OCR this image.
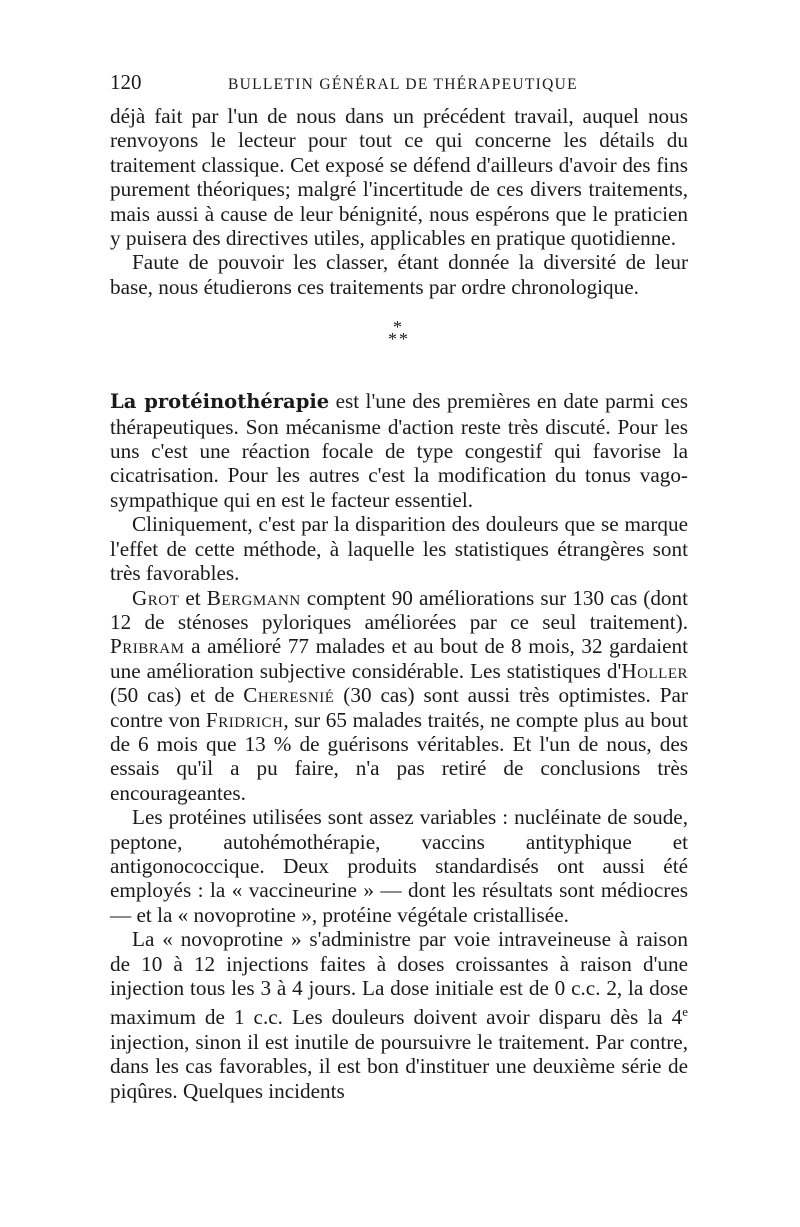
120	BULLETIN GÉNÉRAL DE THÉRAPEUTIQUE

déjà fait par l'un de nous dans un précédent travail, auquel nous renvoyons le lecteur pour tout ce qui concerne les détails du traitement classique. Cet exposé se défend d'ailleurs d'avoir des fins purement théoriques; malgré l'incertitude de ces divers traitements, mais aussi à cause de leur bénignité, nous espérons que le praticien y puisera des directives utiles, applicables en pratique quotidienne.

Faute de pouvoir les classer, étant donnée la diversité de leur base, nous étudierons ces traitements par ordre chronologique.

*
* *

La protéinothérapie est l'une des premières en date parmi ces thérapeutiques. Son mécanisme d'action reste très discuté. Pour les uns c'est une réaction focale de type congestif qui favorise la cicatrisation. Pour les autres c'est la modification du tonus vago-sympathique qui en est le facteur essentiel.

Cliniquement, c'est par la disparition des douleurs que se marque l'effet de cette méthode, à laquelle les statistiques étrangères sont très favorables.

Grot et Bergmann comptent 90 améliorations sur 130 cas (dont 12 de sténoses pyloriques améliorées par ce seul traitement). Pribram a amélioré 77 malades et au bout de 8 mois, 32 gardaient une amélioration subjective considérable. Les statistiques d'Holler (50 cas) et de Cheresnié (30 cas) sont aussi très optimistes. Par contre von Fridrich, sur 65 malades traités, ne compte plus au bout de 6 mois que 13 % de guérisons véritables. Et l'un de nous, des essais qu'il a pu faire, n'a pas retiré de conclusions très encourageantes.

Les protéines utilisées sont assez variables : nucléinate de soude, peptone, autohémothérapie, vaccins antityphique et antigonococcique. Deux produits standardisés ont aussi été employés : la « vaccineurine » — dont les résultats sont médiocres — et la « novoprotine », protéine végétale cristallisée.

La « novoprotine » s'administre par voie intraveineuse à raison de 10 à 12 injections faites à doses croissantes à raison d'une injection tous les 3 à 4 jours. La dose initiale est de 0 c.c. 2, la dose maximum de 1 c.c. Les douleurs doivent avoir disparu dès la 4e injection, sinon il est inutile de poursuivre le traitement. Par contre, dans les cas favorables, il est bon d'instituer une deuxième série de piqûres. Quelques incidents
